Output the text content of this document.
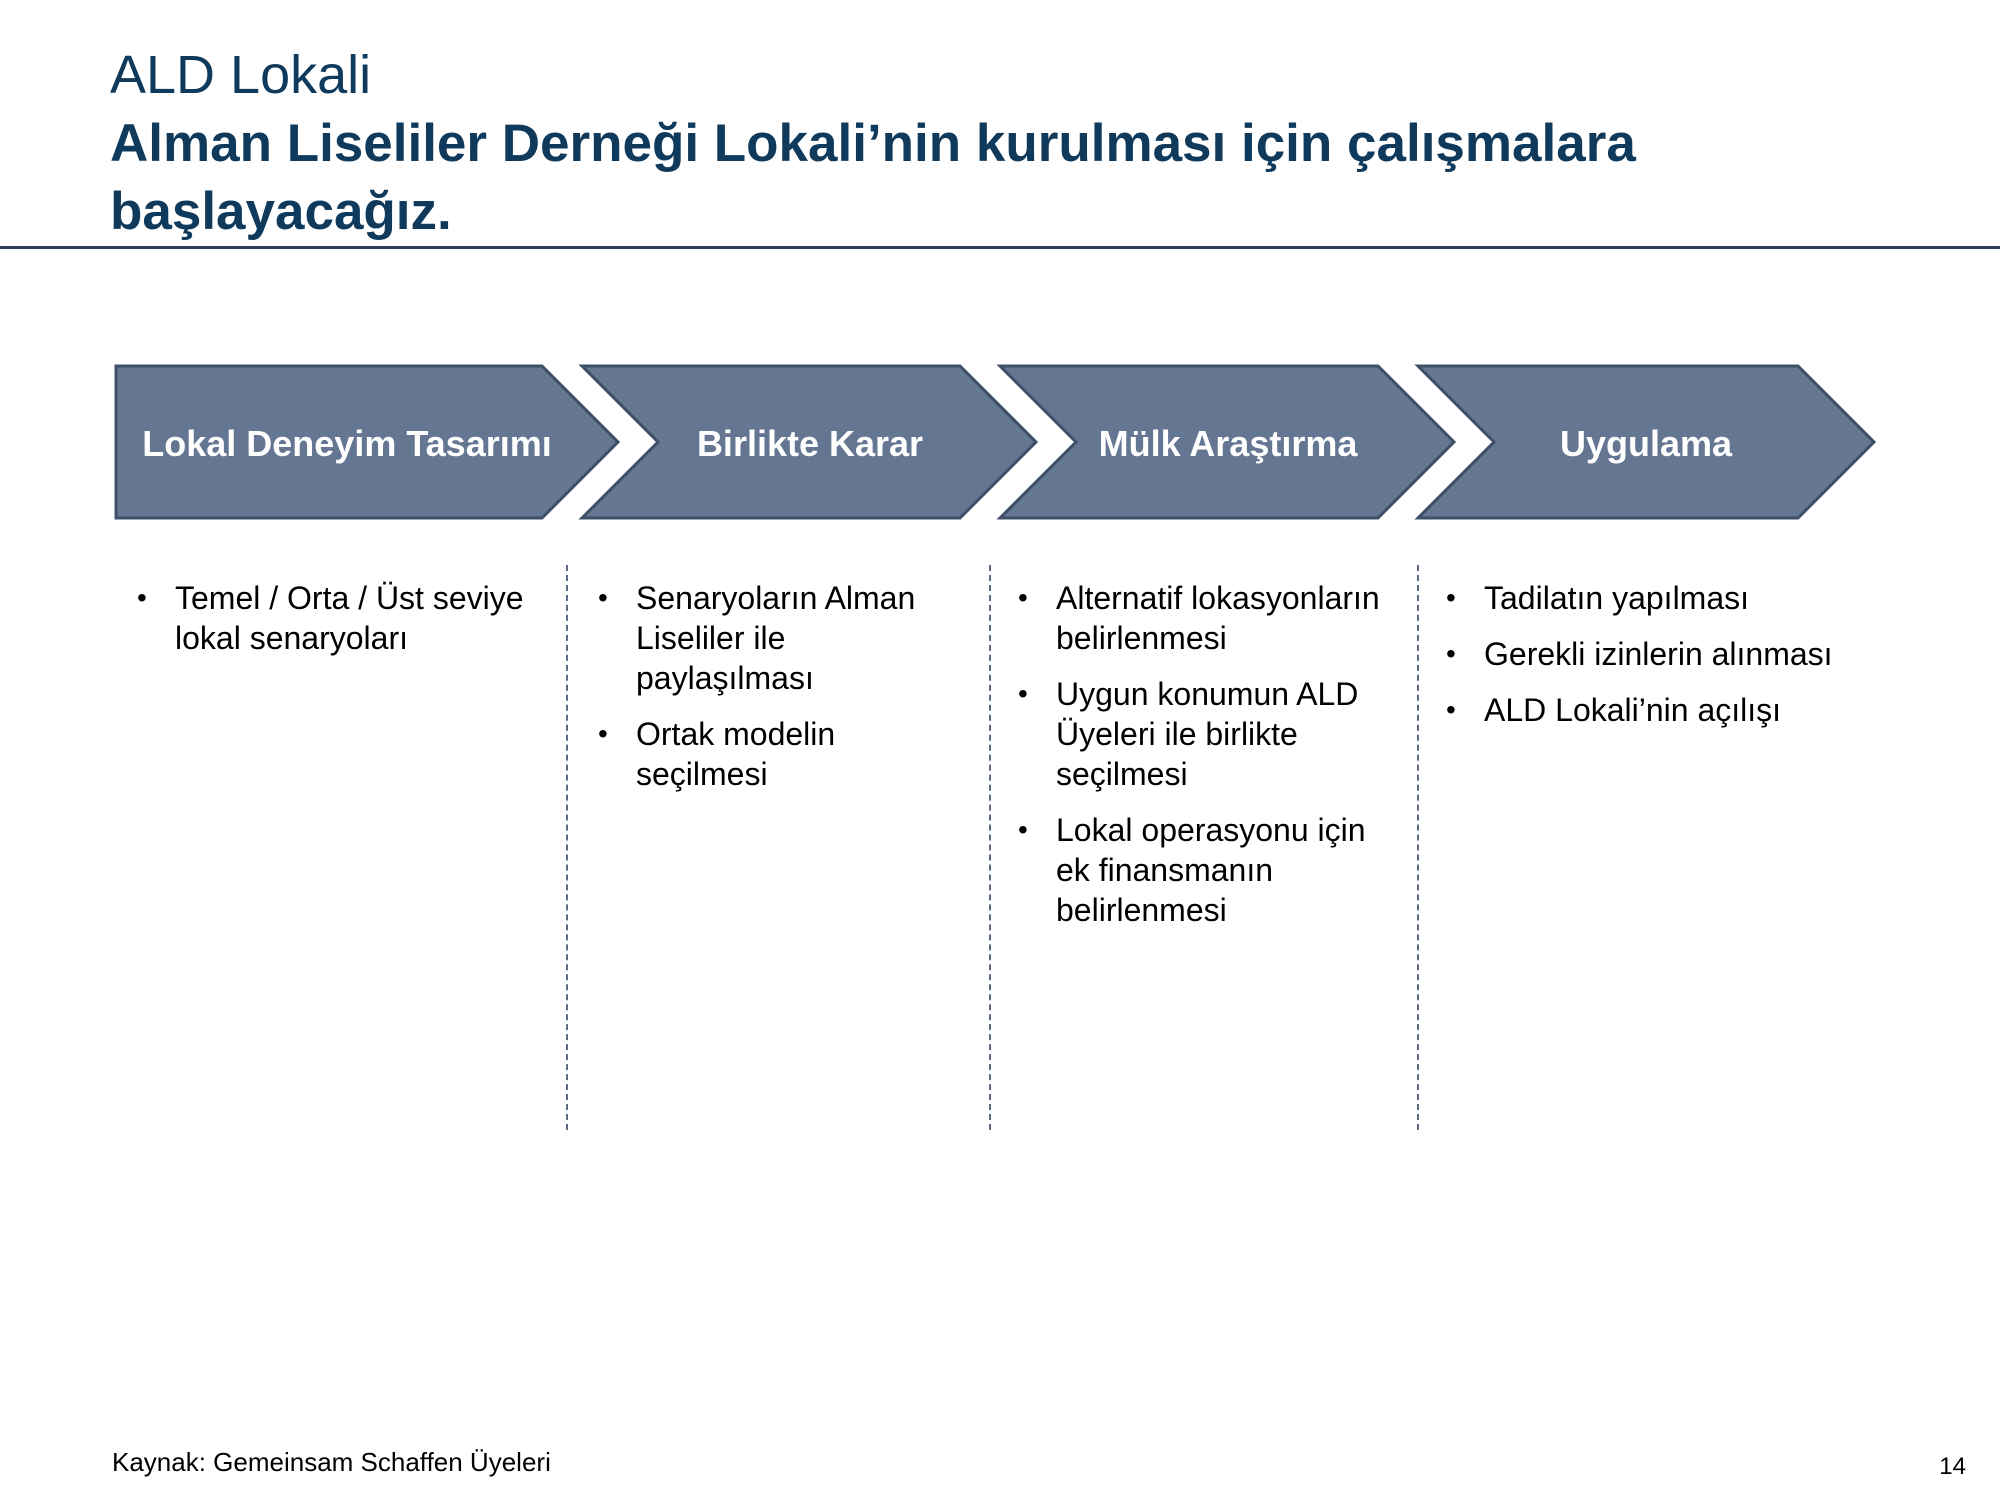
ALD Lokali
Alman Liseliler Derneği Lokali’nin kurulması için çalışmalara başlayacağız.
Lokal Deneyim Tasarımı	Birlikte Karar	Mülk Araştırma	Uygulama
• Temel / Orta / Üst seviye lokal senaryoları
• Senaryoların Alman Liseliler ile paylaşılması
• Ortak modelin seçilmesi
• Alternatif lokasyonların belirlenmesi
• Uygun konumun ALD Üyeleri ile birlikte seçilmesi
• Lokal operasyonu için ek finansmanın belirlenmesi
• Tadilatın yapılması
• Gerekli izinlerin alınması
• ALD Lokali’nin açılışı
Kaynak: Gemeinsam Schaffen Üyeleri	14
